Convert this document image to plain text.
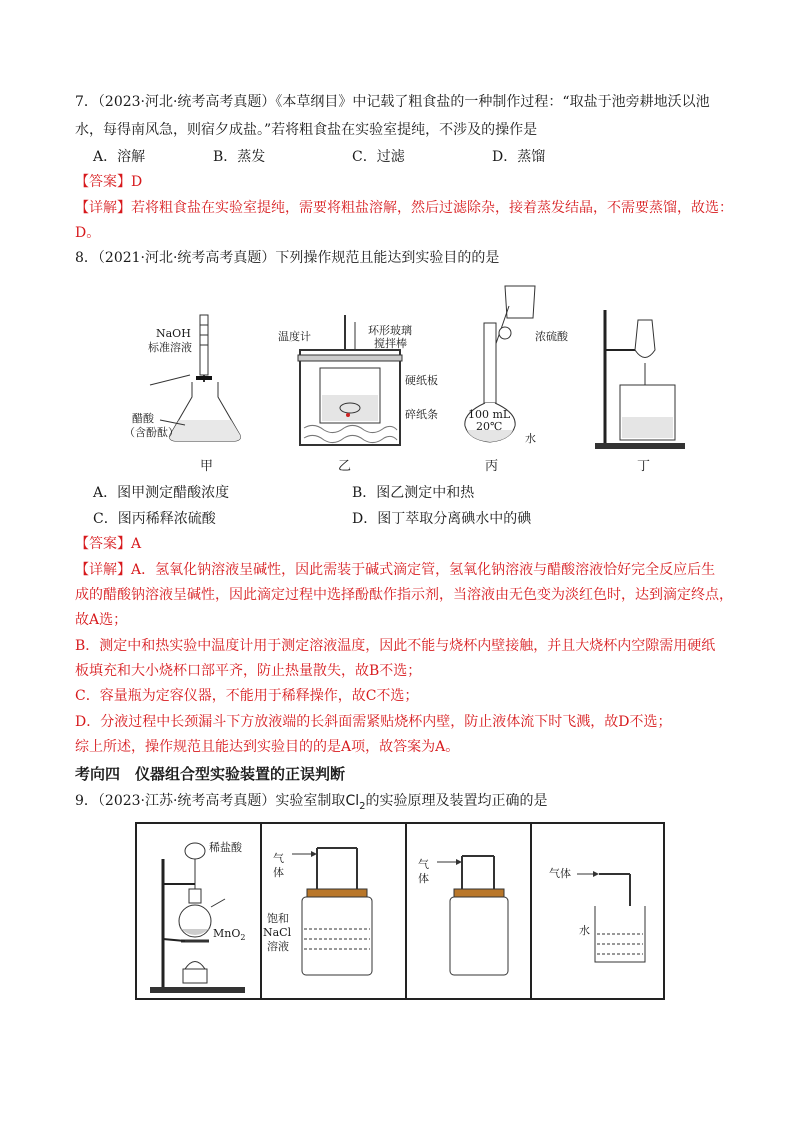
7．（2023·河北·统考高考真题）《本草纲目》中记载了粗食盐的一种制作过程：“取盐于池旁耕地沃以池
水，每得南风急，则宿夕成盐。”若将粗食盐在实验室提纯，不涉及的操作是
A．溶解	B．蒸发	C．过滤	D．蒸馏
【答案】D
【详解】若将粗食盐在实验室提纯，需要将粗盐溶解，然后过滤除杂，接着蒸发结晶，不需要蒸馏，故选：
D。
8．（2021·河北·统考高考真题）下列操作规范且能达到实验目的的是
NaOH
标准溶液
醋酸
（含酚酞）
甲
温度计	环形玻璃
搅拌棒
硬纸板
碎纸条
乙
浓硫酸
100 mL
20℃
水
丙	丁
A．图甲测定醋酸浓度	B．图乙测定中和热
C．图丙稀释浓硫酸	D．图丁萃取分离碘水中的碘
【答案】A
【详解】A．氢氧化钠溶液呈碱性，因此需装于碱式滴定管，氢氧化钠溶液与醋酸溶液恰好完全反应后生
成的醋酸钠溶液呈碱性，因此滴定过程中选择酚酞作指示剂，当溶液由无色变为淡红色时，达到滴定终点，
故A选；
B．测定中和热实验中温度计用于测定溶液温度，因此不能与烧杯内壁接触，并且大烧杯内空隙需用硬纸
板填充和大小烧杯口部平齐，防止热量散失，故B不选；
C．容量瓶为定容仪器，不能用于稀释操作，故C不选；
D．分液过程中长颈漏斗下方放液端的长斜面需紧贴烧杯内壁，防止液体流下时飞溅，故D不选；
综上所述，操作规范且能达到实验目的的是A项，故答案为A。
考向四　仪器组合型实验装置的正误判断
9．（2023·江苏·统考高考真题）实验室制取$Cl_2$的实验原理及装置均正确的是
稀盐酸
MnO$_2$
气
体
饱和
NaCl
溶液
气
体	气体
水
